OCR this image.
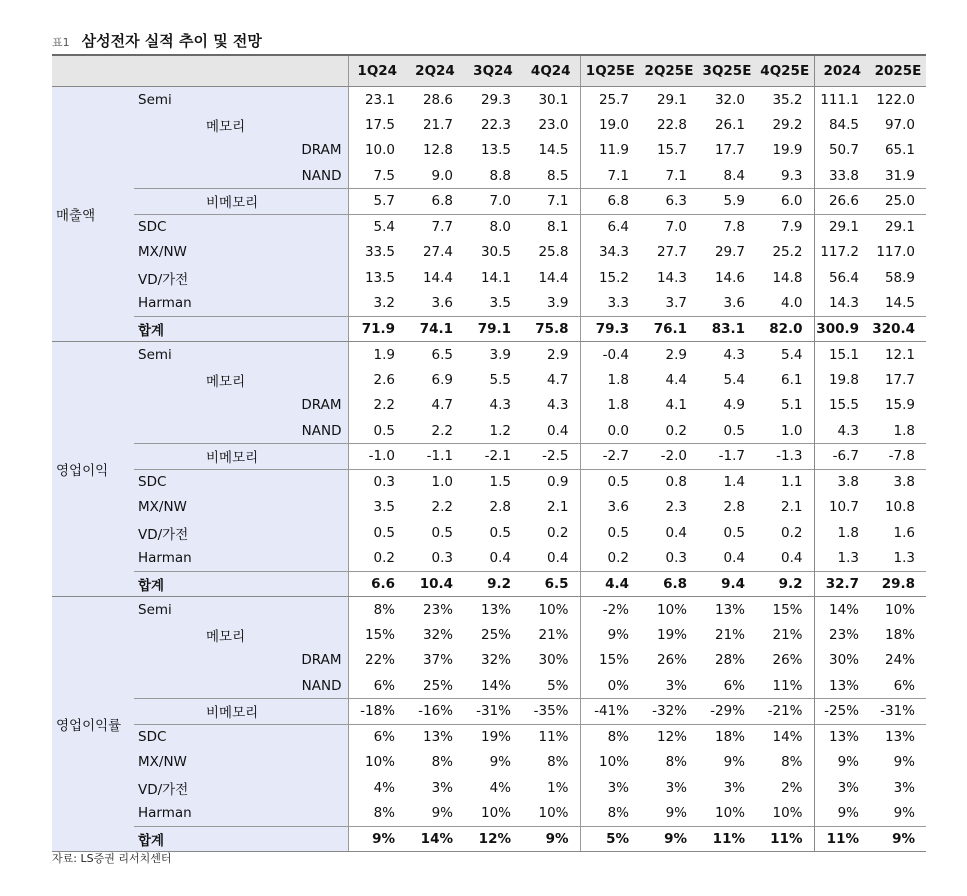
표1 삼성전자 실적 추이 및 전망
				1Q24	2Q24	3Q24	4Q24	1Q25E	2Q25E	3Q25E	4Q25E	2024	2025E
매출액	Semi			23.1	28.6	29.3	30.1	25.7	29.1	32.0	35.2	111.1	122.0
		메모리		17.5	21.7	22.3	23.0	19.0	22.8	26.1	29.2	84.5	97.0
			DRAM	10.0	12.8	13.5	14.5	11.9	15.7	17.7	19.9	50.7	65.1
			NAND	7.5	9.0	8.8	8.5	7.1	7.1	8.4	9.3	33.8	31.9
		비메모리		5.7	6.8	7.0	7.1	6.8	6.3	5.9	6.0	26.6	25.0
	SDC			5.4	7.7	8.0	8.1	6.4	7.0	7.8	7.9	29.1	29.1
	MX/NW			33.5	27.4	30.5	25.8	34.3	27.7	29.7	25.2	117.2	117.0
	VD/가전			13.5	14.4	14.1	14.4	15.2	14.3	14.6	14.8	56.4	58.9
	Harman			3.2	3.6	3.5	3.9	3.3	3.7	3.6	4.0	14.3	14.5
	합계			71.9	74.1	79.1	75.8	79.3	76.1	83.1	82.0	300.9	320.4
영업이익	Semi			1.9	6.5	3.9	2.9	-0.4	2.9	4.3	5.4	15.1	12.1
		메모리		2.6	6.9	5.5	4.7	1.8	4.4	5.4	6.1	19.8	17.7
			DRAM	2.2	4.7	4.3	4.3	1.8	4.1	4.9	5.1	15.5	15.9
			NAND	0.5	2.2	1.2	0.4	0.0	0.2	0.5	1.0	4.3	1.8
		비메모리		-1.0	-1.1	-2.1	-2.5	-2.7	-2.0	-1.7	-1.3	-6.7	-7.8
	SDC			0.3	1.0	1.5	0.9	0.5	0.8	1.4	1.1	3.8	3.8
	MX/NW			3.5	2.2	2.8	2.1	3.6	2.3	2.8	2.1	10.7	10.8
	VD/가전			0.5	0.5	0.5	0.2	0.5	0.4	0.5	0.2	1.8	1.6
	Harman			0.2	0.3	0.4	0.4	0.2	0.3	0.4	0.4	1.3	1.3
	합계			6.6	10.4	9.2	6.5	4.4	6.8	9.4	9.2	32.7	29.8
영업이익률	Semi			8%	23%	13%	10%	-2%	10%	13%	15%	14%	10%
		메모리		15%	32%	25%	21%	9%	19%	21%	21%	23%	18%
			DRAM	22%	37%	32%	30%	15%	26%	28%	26%	30%	24%
			NAND	6%	25%	14%	5%	0%	3%	6%	11%	13%	6%
		비메모리		-18%	-16%	-31%	-35%	-41%	-32%	-29%	-21%	-25%	-31%
	SDC			6%	13%	19%	11%	8%	12%	18%	14%	13%	13%
	MX/NW			10%	8%	9%	8%	10%	8%	9%	8%	9%	9%
	VD/가전			4%	3%	4%	1%	3%	3%	3%	2%	3%	3%
	Harman			8%	9%	10%	10%	8%	9%	10%	10%	9%	9%
	합계			9%	14%	12%	9%	5%	9%	11%	11%	11%	9%
자료: LS증권 리서치센터
